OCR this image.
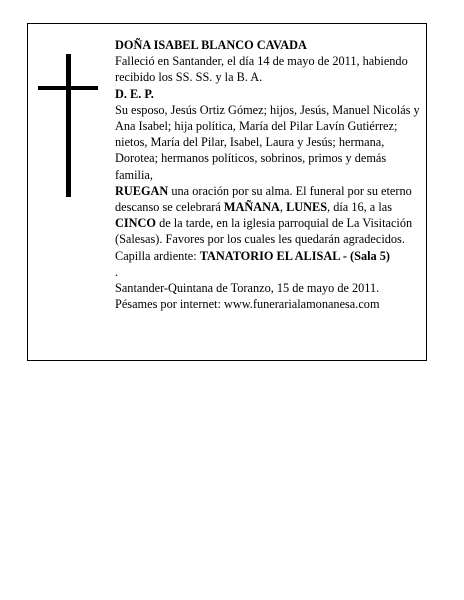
DOÑA ISABEL BLANCO CAVADA

Falleció en Santander, el día 14 de mayo de 2011, habiendo recibido los SS. SS. y la B. A.

D. E. P.

Su esposo, Jesús Ortiz Gómez; hijos, Jesús, Manuel Nicolás y Ana Isabel; hija política, María del Pilar Lavín Gutiérrez; nietos, María del Pilar, Isabel, Laura y Jesús; hermana, Dorotea; hermanos políticos, sobrinos, primos y demás familia,

RUEGAN una oración por su alma. El funeral por su eterno descanso se celebrará MAÑANA, LUNES, día 16, a las CINCO de la tarde, en la iglesia parroquial de La Visitación (Salesas). Favores por los cuales les quedarán agradecidos.

Capilla ardiente: TANATORIO EL ALISAL - (Sala 5)
.

Santander-Quintana de Toranzo, 15 de mayo de 2011.

Pésames por internet: www.funerarialamonanesa.com
